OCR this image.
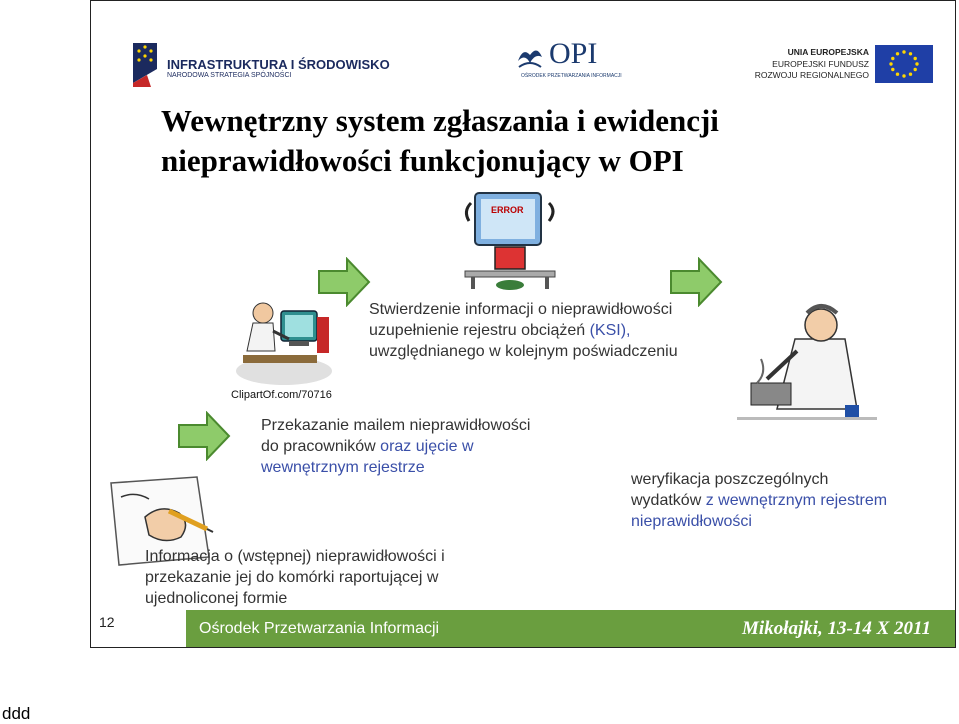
INFRASTRUKTURA I ŚRODOWISKO
NARODOWA STRATEGIA SPÓJNOŚCI
OPI
OŚRODEK PRZETWARZANIA INFORMACJI
UNIA EUROPEJSKA
EUROPEJSKI FUNDUSZ
ROZWOJU REGIONALNEGO
Wewnętrzny system zgłaszania i ewidencji
nieprawidłowości funkcjonujący w OPI
ERROR
ClipartOf.com/70716
Stwierdzenie informacji o nieprawidłowości
uzupełnienie rejestru obciążeń (KSI),
uwzględnianego w kolejnym poświadczeniu
Przekazanie mailem nieprawidłowości
do pracowników oraz ujęcie w
wewnętrznym rejestrze
weryfikacja poszczególnych
wydatków z wewnętrznym rejestrem
nieprawidłowości
Informacja o (wstępnej) nieprawidłowości i
przekazanie jej do komórki raportującej w
ujednoliconej formie
12	Ośrodek Przetwarzania Informacji	Mikołajki, 13-14 X 2011
ddd
